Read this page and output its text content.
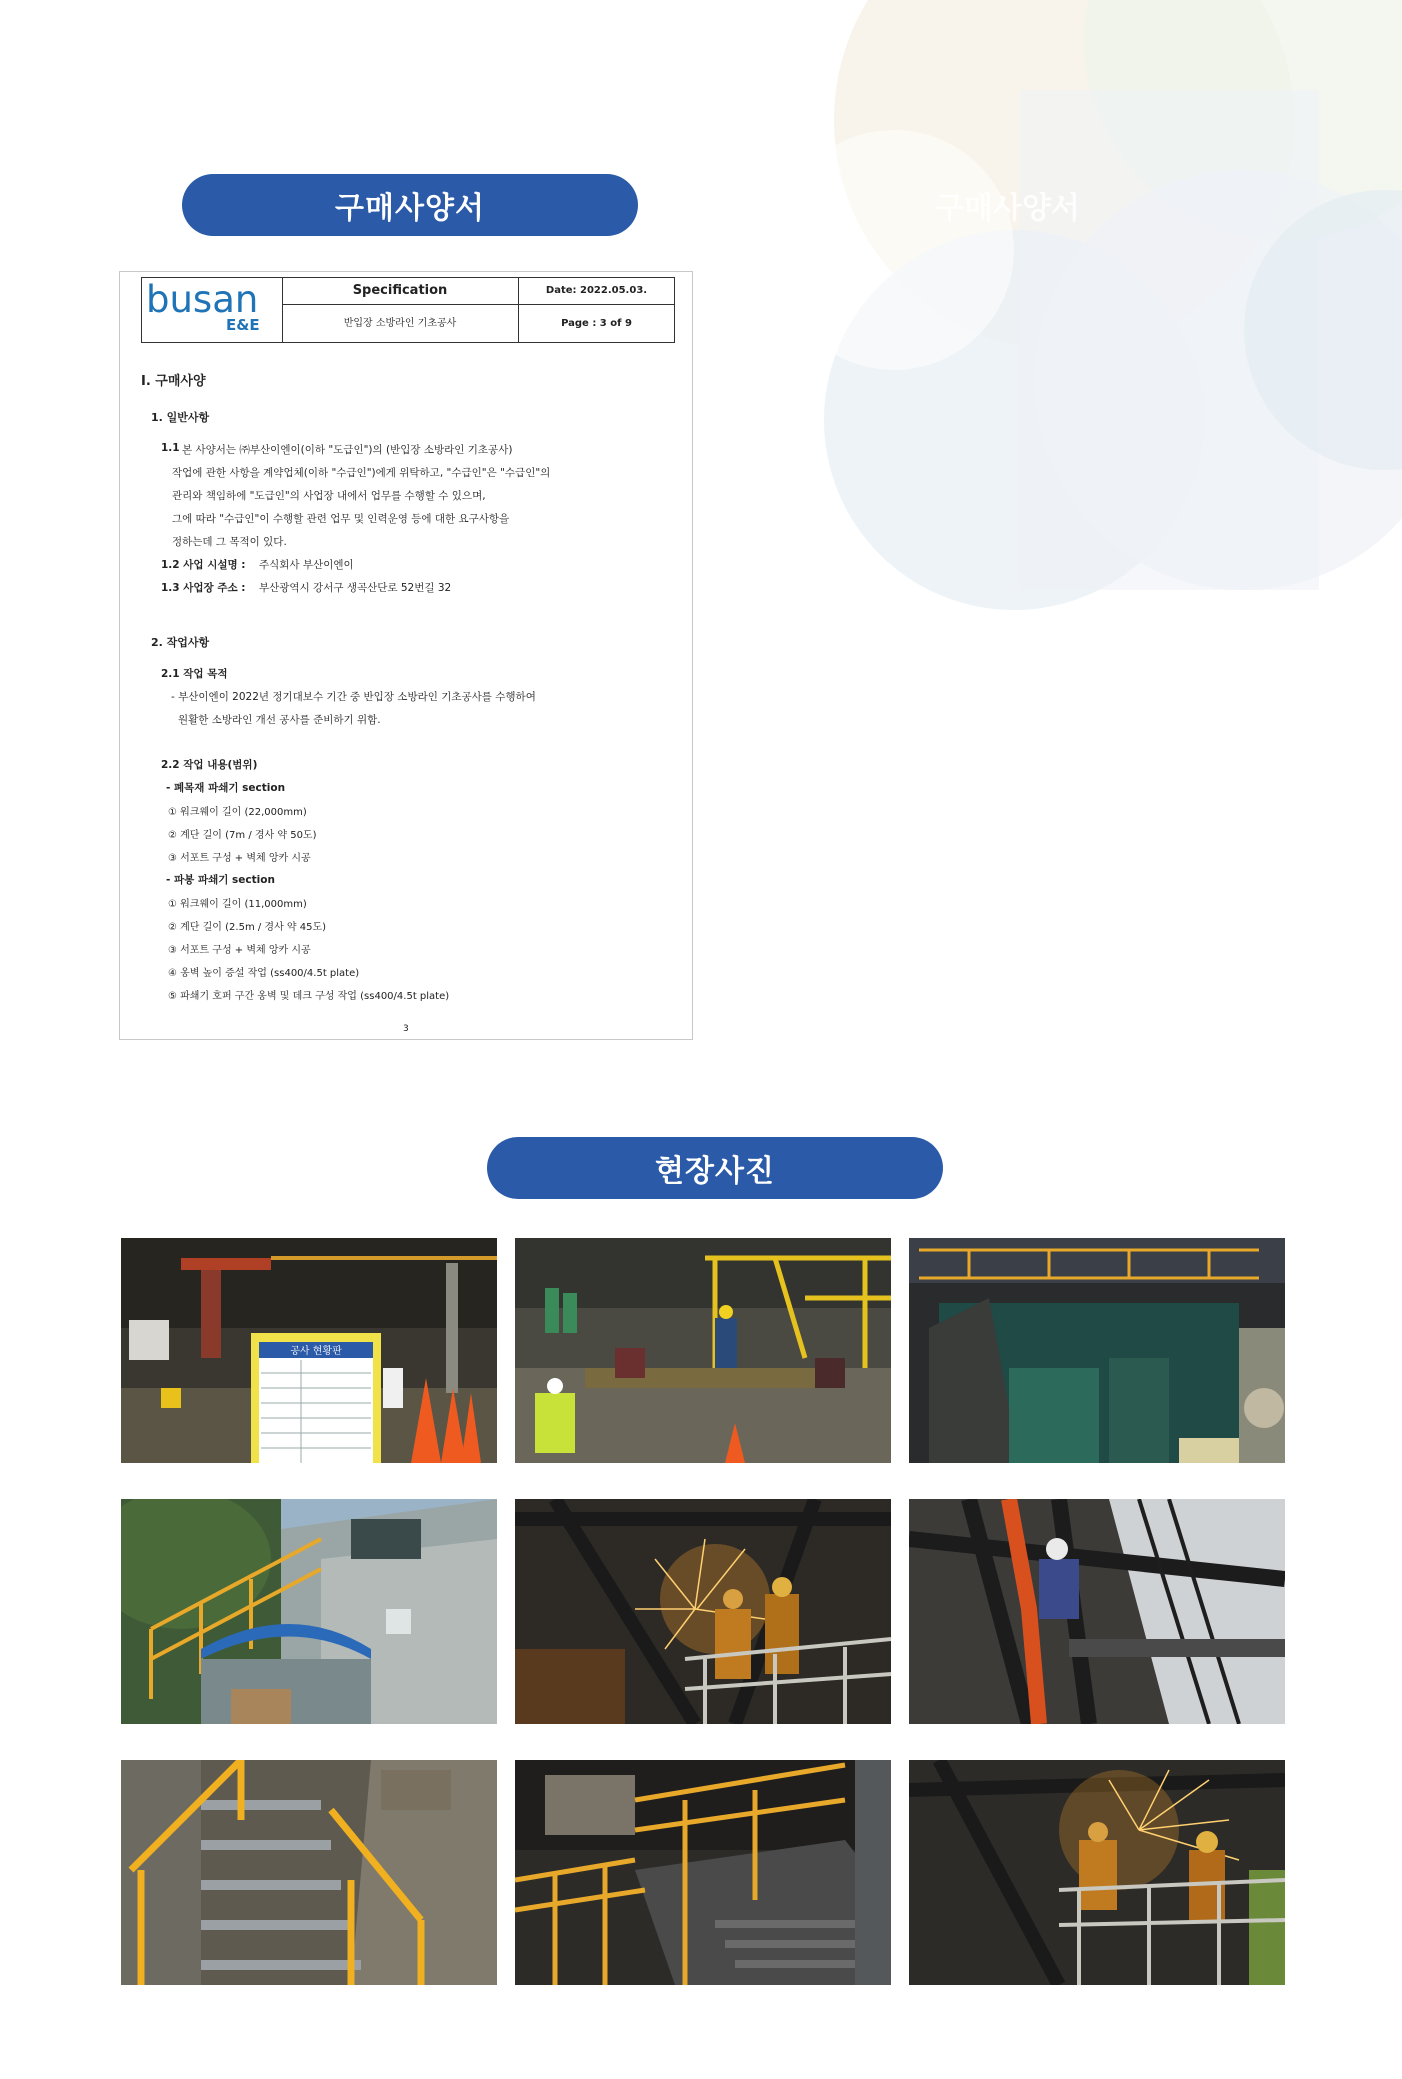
구매사양서
구매사양서
busan
E&E
Specification
반입장 소방라인 기초공사
Date: 2022.05.03.
Page : 3 of 9
Ⅰ. 구매사양
1. 일반사항
1.1 본 사양서는 ㈜부산이엔이(이하 "도급인")의 (반입장 소방라인 기초공사)
작업에 관한 사항을 계약업체(이하 "수급인")에게 위탁하고, "수급인"은 "수급인"의
관리와 책임하에 "도급인"의 사업장 내에서 업무를 수행할 수 있으며,
그에 따라 "수급인"이 수행할 관련 업무 및 인력운영 등에 대한 요구사항을
정하는데 그 목적이 있다.
1.2 사업 시설명 : 주식회사 부산이엔이
1.3 사업장 주소 : 부산광역시 강서구 생곡산단로 52번길 32
2. 작업사항
2.1 작업 목적
- 부산이엔이 2022년 정기대보수 기간 중 반입장 소방라인 기초공사를 수행하여
원활한 소방라인 개선 공사를 준비하기 위함.
2.2 작업 내용(범위)
- 폐목재 파쇄기 section
① 워크웨이 길이 (22,000mm)
② 계단 길이 (7m / 경사 약 50도)
③ 서포트 구성 + 벽체 앙카 시공
- 파봉 파쇄기 section
① 워크웨이 길이 (11,000mm)
② 계단 길이 (2.5m / 경사 약 45도)
③ 서포트 구성 + 벽체 앙카 시공
④ 옹벽 높이 증설 작업 (ss400/4.5t plate)
⑤ 파쇄기 호퍼 구간 옹벽 및 데크 구성 작업 (ss400/4.5t plate)
3
현장사진
공사 현황판
